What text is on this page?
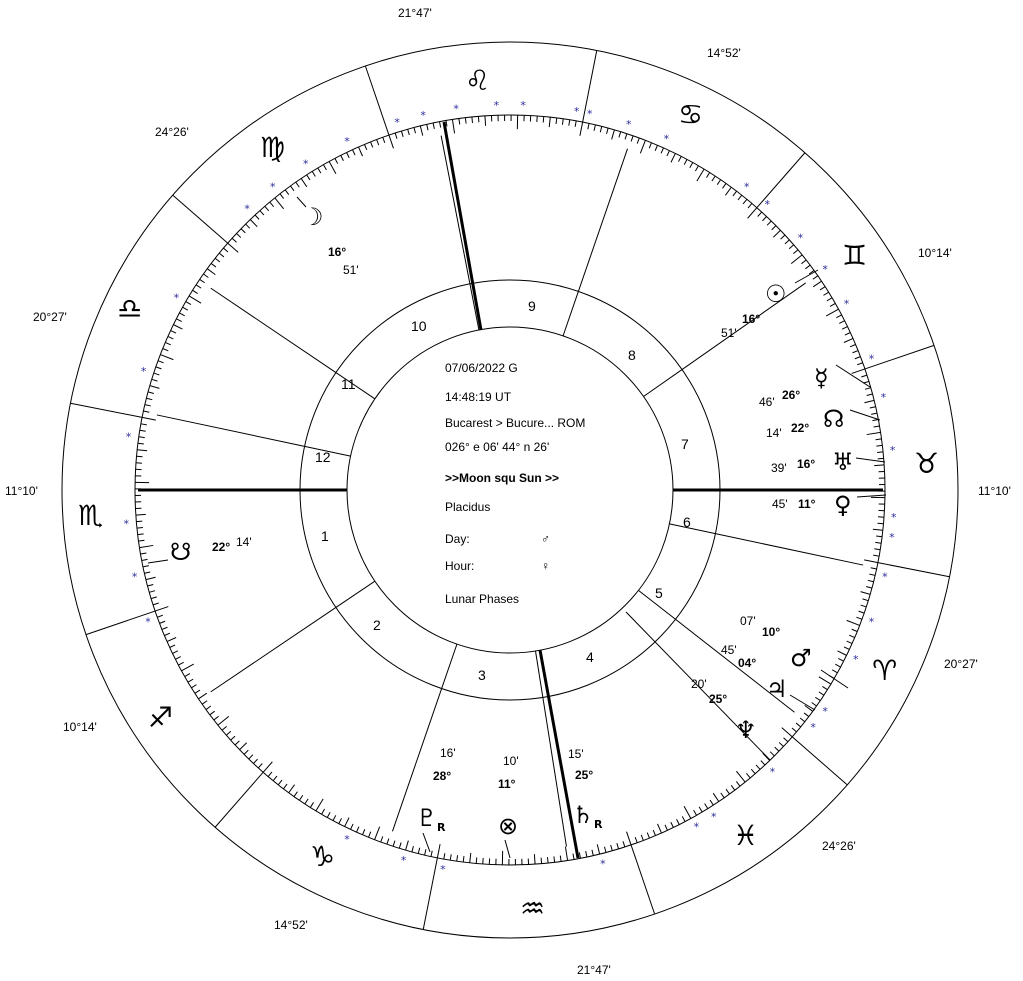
*	*	* *	* *
*
*
*
*
*
*
*
*
*
*
*
*
*
*
*
*
*
*
*
*
*
*
*
*
*
*
*
*
*
*
*
*
*
*
*
21°47'
14°52'
10°14'
11°10'
20°27'
24°26'
21°47'
14°52'
10°14'
11°10'
20°27'
24°26'
♌
♋
♊
♉
♈
♓
♒
♑
♐
♏
♎
♍
9
8
7
6
5
4
3
2
1
12
11
10
07/06/2022 G
14:48:19 UT
Bucarest > Bucure... ROM
026° e 06' 44° n 26'
>>Moon squ Sun >>
Placidus
Day:	♂
Hour:	♀
Lunar Phases
☽
16°
51'
☉
16°
51'
☿
26°
46'
☊
22°
14'
♅
16°
39'
♀
11°
45'
♂
10°
07'
♃
04°
45'
♆
25°
20'
♄ R
25°
15'
⊗
11°
10'
♇ R
28°
16'
☋ 22° 14'
